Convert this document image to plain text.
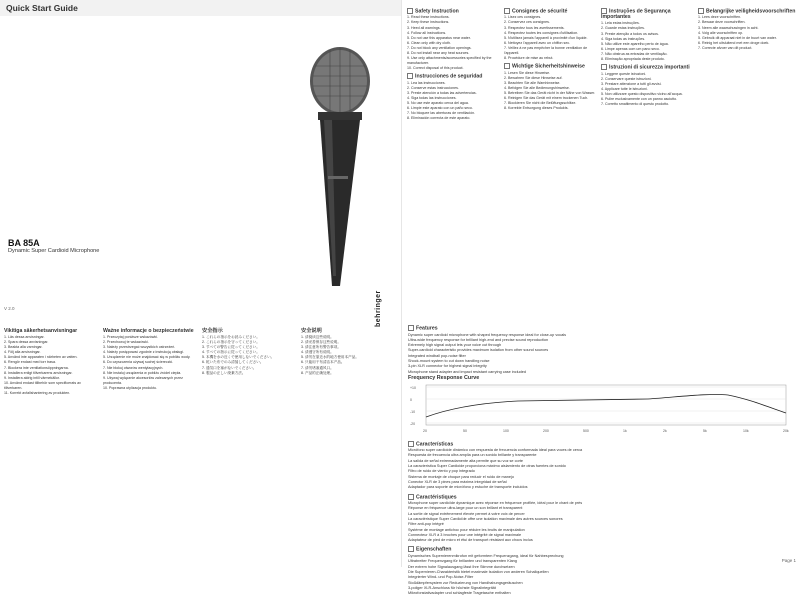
Quick Start Guide
BA 85A
Dynamic Super Cardioid Microphone
behringer
V 2.0

Vikitiga säkerhetsanvisningar

1. Läs dessa anvisningar.

2. Spara dessa anvisningar.

3. Beakta alla varningar.

4. Följ alla anvisningar.

5. Använd inte apparaten i närheten av vatten.

6. Rengör endast med torr trasa.

7. Blockera inte ventilationsöppningarna.

8. Installera enligt tillverkarens anvisningar.

9. Installera aldrig intill värmekällor.

10. Använd endast tillbehör som specificerats av tillverkaren.

11. Korrekt avfallshantering av produkten.

Ważne informacje o bezpieczeństwie

1. Przeczytaj poniższe wskazówki.

2. Przechowuj te wskazówki.

3. Należy przestrzegać wszystkich ostrzeżeń.

4. Należy postępować zgodnie z instrukcją obsługi.

5. Urządzenie nie może znajdować się w pobliżu wody.

6. Do czyszczenia używaj suchej ściereczki.

7. Nie blokuj otworów wentylacyjnych.

8. Nie instaluj urządzenia w pobliżu źródeł ciepła.

9. Używaj wyłącznie akcesoriów zalecanych przez producenta.

10. Poprawna utylizacja produktu.

安全指示

1. これらの指示をお読みください。

2. これらの指示を守ってください。

3. すべての警告に従ってください。

4. すべての指示に従ってください。

5. 本機を水の近くで使用しないでください。

6. 乾いた布でのみ清掃してください。

7. 通気口を塞がないでください。

8. 製品の正しい廃棄方法。

安全说明

1. 请阅读这些说明。

2. 请妥善保存这些说明。

3. 请注意所有警告事项。

4. 请遵守所有说明。

5. 请勿在靠近水的地方使用本产品。

6. 只能用干布清洁本产品。

7. 请勿堵塞通风口。

8. 产品的正确处理。

Safety Instruction

1. Read these instructions.

2. Keep these instructions.

3. Heed all warnings.

4. Follow all instructions.

5. Do not use this apparatus near water.

6. Clean only with dry cloth.

7. Do not block any ventilation openings.

8. Do not install near any heat sources.

9. Use only attachments/accessories specified by the manufacturer.

10. Correct disposal of this product.

Instrucciones de seguridad

1. Lea las instrucciones.

2. Conserve estas instrucciones.

3. Preste atención a todas las advertencias.

4. Siga todas las instrucciones.

5. No use este aparato cerca del agua.

6. Limpie este aparato con un paño seco.

7. No bloquee las aberturas de ventilación.

8. Eliminación correcta de este aparato.

Consignes de sécurité

1. Lisez ces consignes.

2. Conservez ces consignes.

3. Respectez tous les avertissements.

4. Respectez toutes les consignes d'utilisation.

5. N'utilisez jamais l'appareil à proximité d'un liquide.

6. Nettoyez l'appareil avec un chiffon sec.

7. Veillez à ne pas empêcher la bonne ventilation de l'appareil.

8. Procédure de mise au rebut.

Wichtige Sicherheitshinweise

1. Lesen Sie diese Hinweise.

2. Bewahren Sie diese Hinweise auf.

3. Beachten Sie alle Warnhinweise.

4. Befolgen Sie alle Bedienungshinweise.

5. Betreiben Sie das Gerät nicht in der Nähe von Wasser.

6. Reinigen Sie das Gerät mit einem trockenen Tuch.

7. Blockieren Sie nicht die Belüftungsschlitze.

8. Korrekte Entsorgung dieses Produkts.

Instruções de Segurança Importantes

1. Leia estas instruções.

2. Guarde estas instruções.

3. Preste atenção a todos os avisos.

4. Siga todas as instruções.

5. Não utilize este aparelho perto de água.

6. Limpe apenas com um pano seco.

7. Não obstrua as entradas de ventilação.

8. Eliminação apropriada deste produto.

Istruzioni di sicurezza importanti

1. Leggere queste istruzioni.

2. Conservare queste istruzioni.

3. Prestare attenzione a tutti gli avvisi.

4. Applicare tutte le istruzioni.

5. Non utilizzare questo dispositivo vicino all'acqua.

6. Pulire esclusivamente con un panno asciutto.

7. Corretto smaltimento di questo prodotto.

Belangrijke veiligheidsvoorschriften

1. Lees deze voorschriften.

2. Bewaar deze voorschriften.

3. Neem alle waarschuwingen in acht.

4. Volg alle voorschriften op.

5. Gebruik dit apparaat niet in de buurt van water.

6. Reinig het uitsluitend met een droge doek.

7. Correcte afvoer van dit product.

Features
Dynamic super cardioid microphone with shaped frequency response ideal for close-up vocals
Ultra-wide frequency response for brilliant high-end and precise sound reproduction
Extremely high signal output lets your voice cut through
Super-cardioid characteristic provides maximum isolation from other sound sources
Integrated windball pop-noise filter
Shock-mount system to cut down handling noise
3-pin XLR connector for highest signal integrity
Microphone stand adapter and impact resistant carrying case included
Frequency Response Curve
+10
0
-10
-20
20	50	100	200	500	1k	2k	5k	10k	20k
Características
Micrófono super cardioide dinámico con respuesta de frecuencia conformada ideal para voces de cerca
Respuesta de frecuencia ultra amplia para un sonido brillante y transparente
La salida de señal extremadamente alta permite que su voz se corte
La característica Super Cardioide proporciona máximo aislamiento de otras fuentes de sonido
Filtro de ruido de viento y pop integrado
Sistema de montaje de choque para reducir el ruido de manejo
Conector XLR de 3 pines para máxima integridad de señal
Adaptador para soporte de micrófono y estuche de transporte incluidos
Caractéristiques
Microphone super cardioïde dynamique avec réponse en fréquence profilée, idéal pour le chant de près
Réponse en fréquence ultra-large pour un son brillant et transparent
La sortie de signal extrêmement élevée permet à votre voix de percer
La caractéristique Super Cardioïde offre une isolation maximale des autres sources sonores
Filtre anti-pop intégré
Système de montage antichoc pour réduire les bruits de manipulation
Connecteur XLR à 3 broches pour une intégrité de signal maximale
Adaptateur de pied de micro et étui de transport résistant aux chocs inclus
Eigenschaften
Dynamisches Supernierenmikrofon mit geformtem Frequenzgang, ideal für Nahbesprechung
Ultrabreiter Frequenzgang für brillanten und transparenten Klang
Der extrem hohe Signalausgang lässt Ihre Stimme durchsetzen
Die Supernieren-Charakteristik bietet maximale Isolation von anderen Schallquellen
Integrierter Wind- und Pop-Noise-Filter
Stoßdämpfersystem zur Reduzierung von Handhabungsgeräuschen
3-poliger XLR-Anschluss für höchste Signalintegrität
Mikrofonstativadapter und schlagfeste Tragetasche enthalten
Page 1
